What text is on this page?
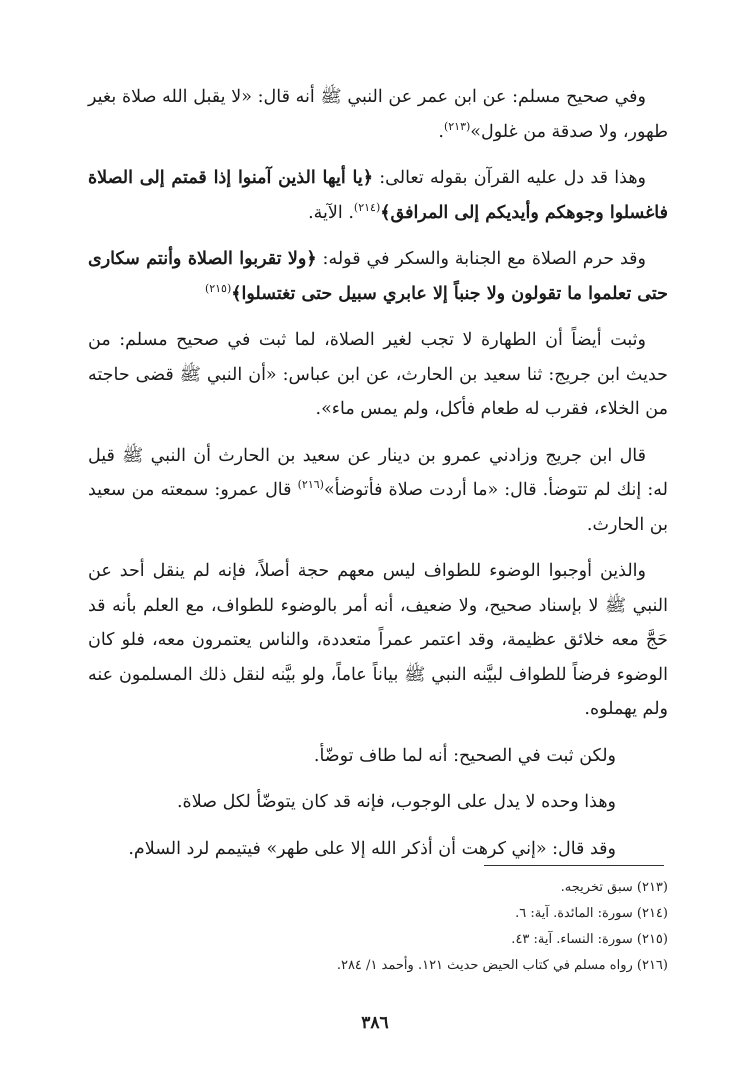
وفي صحيح مسلم: عن ابن عمر عن النبي ﷺ أنه قال: «لا يقبل الله صلاة بغير طهور، ولا صدقة من غلول»$^{(٢١٣)}$.

وهذا قد دل عليه القرآن بقوله تعالى: ﴿يا أيها الذين آمنوا إذا قمتم إلى الصلاة فاغسلوا وجوهكم وأيديكم إلى المرافق﴾$^{(٢١٤)}$. الآية.

وقد حرم الصلاة مع الجنابة والسكر في قوله: ﴿ولا تقربوا الصلاة وأنتم سكارى حتى تعلموا ما تقولون ولا جنباً إلا عابري سبيل حتى تغتسلوا﴾$^{(٢١٥)}$

وثبت أيضاً أن الطهارة لا تجب لغير الصلاة، لما ثبت في صحيح مسلم: من حديث ابن جريج: ثنا سعيد بن الحارث، عن ابن عباس: «أن النبي ﷺ قضى حاجته من الخلاء، فقرب له طعام فأكل، ولم يمس ماء».

قال ابن جريج وزادني عمرو بن دينار عن سعيد بن الحارث أن النبي ﷺ قيل له: إنك لم تتوضأ. قال: «ما أردت صلاة فأتوضأ»$^{(٢١٦)}$ قال عمرو: سمعته من سعيد بن الحارث.

والذين أوجبوا الوضوء للطواف ليس معهم حجة أصلاً، فإنه لم ينقل أحد عن النبي ﷺ لا بإسناد صحيح، ولا ضعيف، أنه أمر بالوضوء للطواف، مع العلم بأنه قد حَجَّ معه خلائق عظيمة، وقد اعتمر عمراً متعددة، والناس يعتمرون معه، فلو كان الوضوء فرضاً للطواف لبيَّنه النبي ﷺ بياناً عاماً، ولو بيَّنه لنقل ذلك المسلمون عنه ولم يهملوه.

ولكن ثبت في الصحيح: أنه لما طاف توضّأ.

وهذا وحده لا يدل على الوجوب، فإنه قد كان يتوضّأ لكل صلاة.

وقد قال: «إني كرهت أن أذكر الله إلا على طهر» فيتيمم لرد السلام.

(٢١٣) سبق تخريجه.

(٢١٤) سورة: المائدة. آية: ٦.

(٢١٥) سورة: النساء. آية: ٤٣.

(٢١٦) رواه مسلم في كتاب الحيض حديث ١٢١. وأحمد ١/ ٢٨٤.

٣٨٦
